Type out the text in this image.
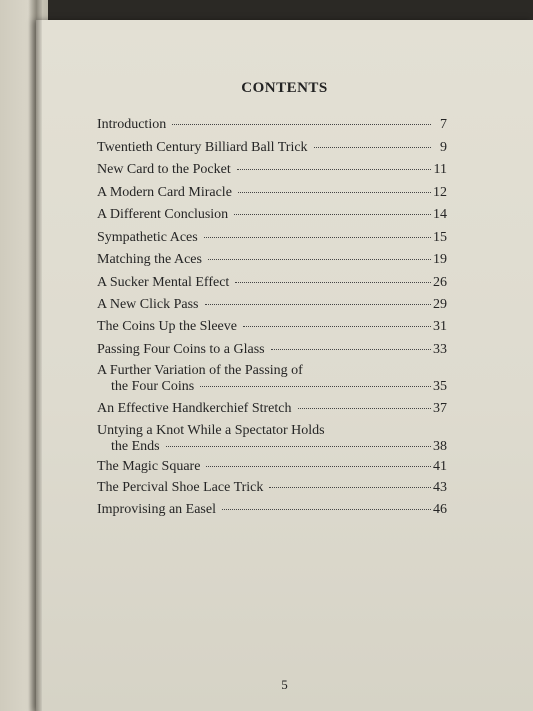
CONTENTS
Introduction	7
Twentieth Century Billiard Ball Trick	9
New Card to the Pocket	11
A Modern Card Miracle	12
A Different Conclusion	14
Sympathetic Aces	15
Matching the Aces	19
A Sucker Mental Effect	26
A New Click Pass	29
The Coins Up the Sleeve	31
Passing Four Coins to a Glass	33
A Further Variation of the Passing of
the Four Coins	35
An Effective Handkerchief Stretch	37
Untying a Knot While a Spectator Holds
the Ends	38
The Magic Square	41
The Percival Shoe Lace Trick	43
Improvising an Easel	46
5
